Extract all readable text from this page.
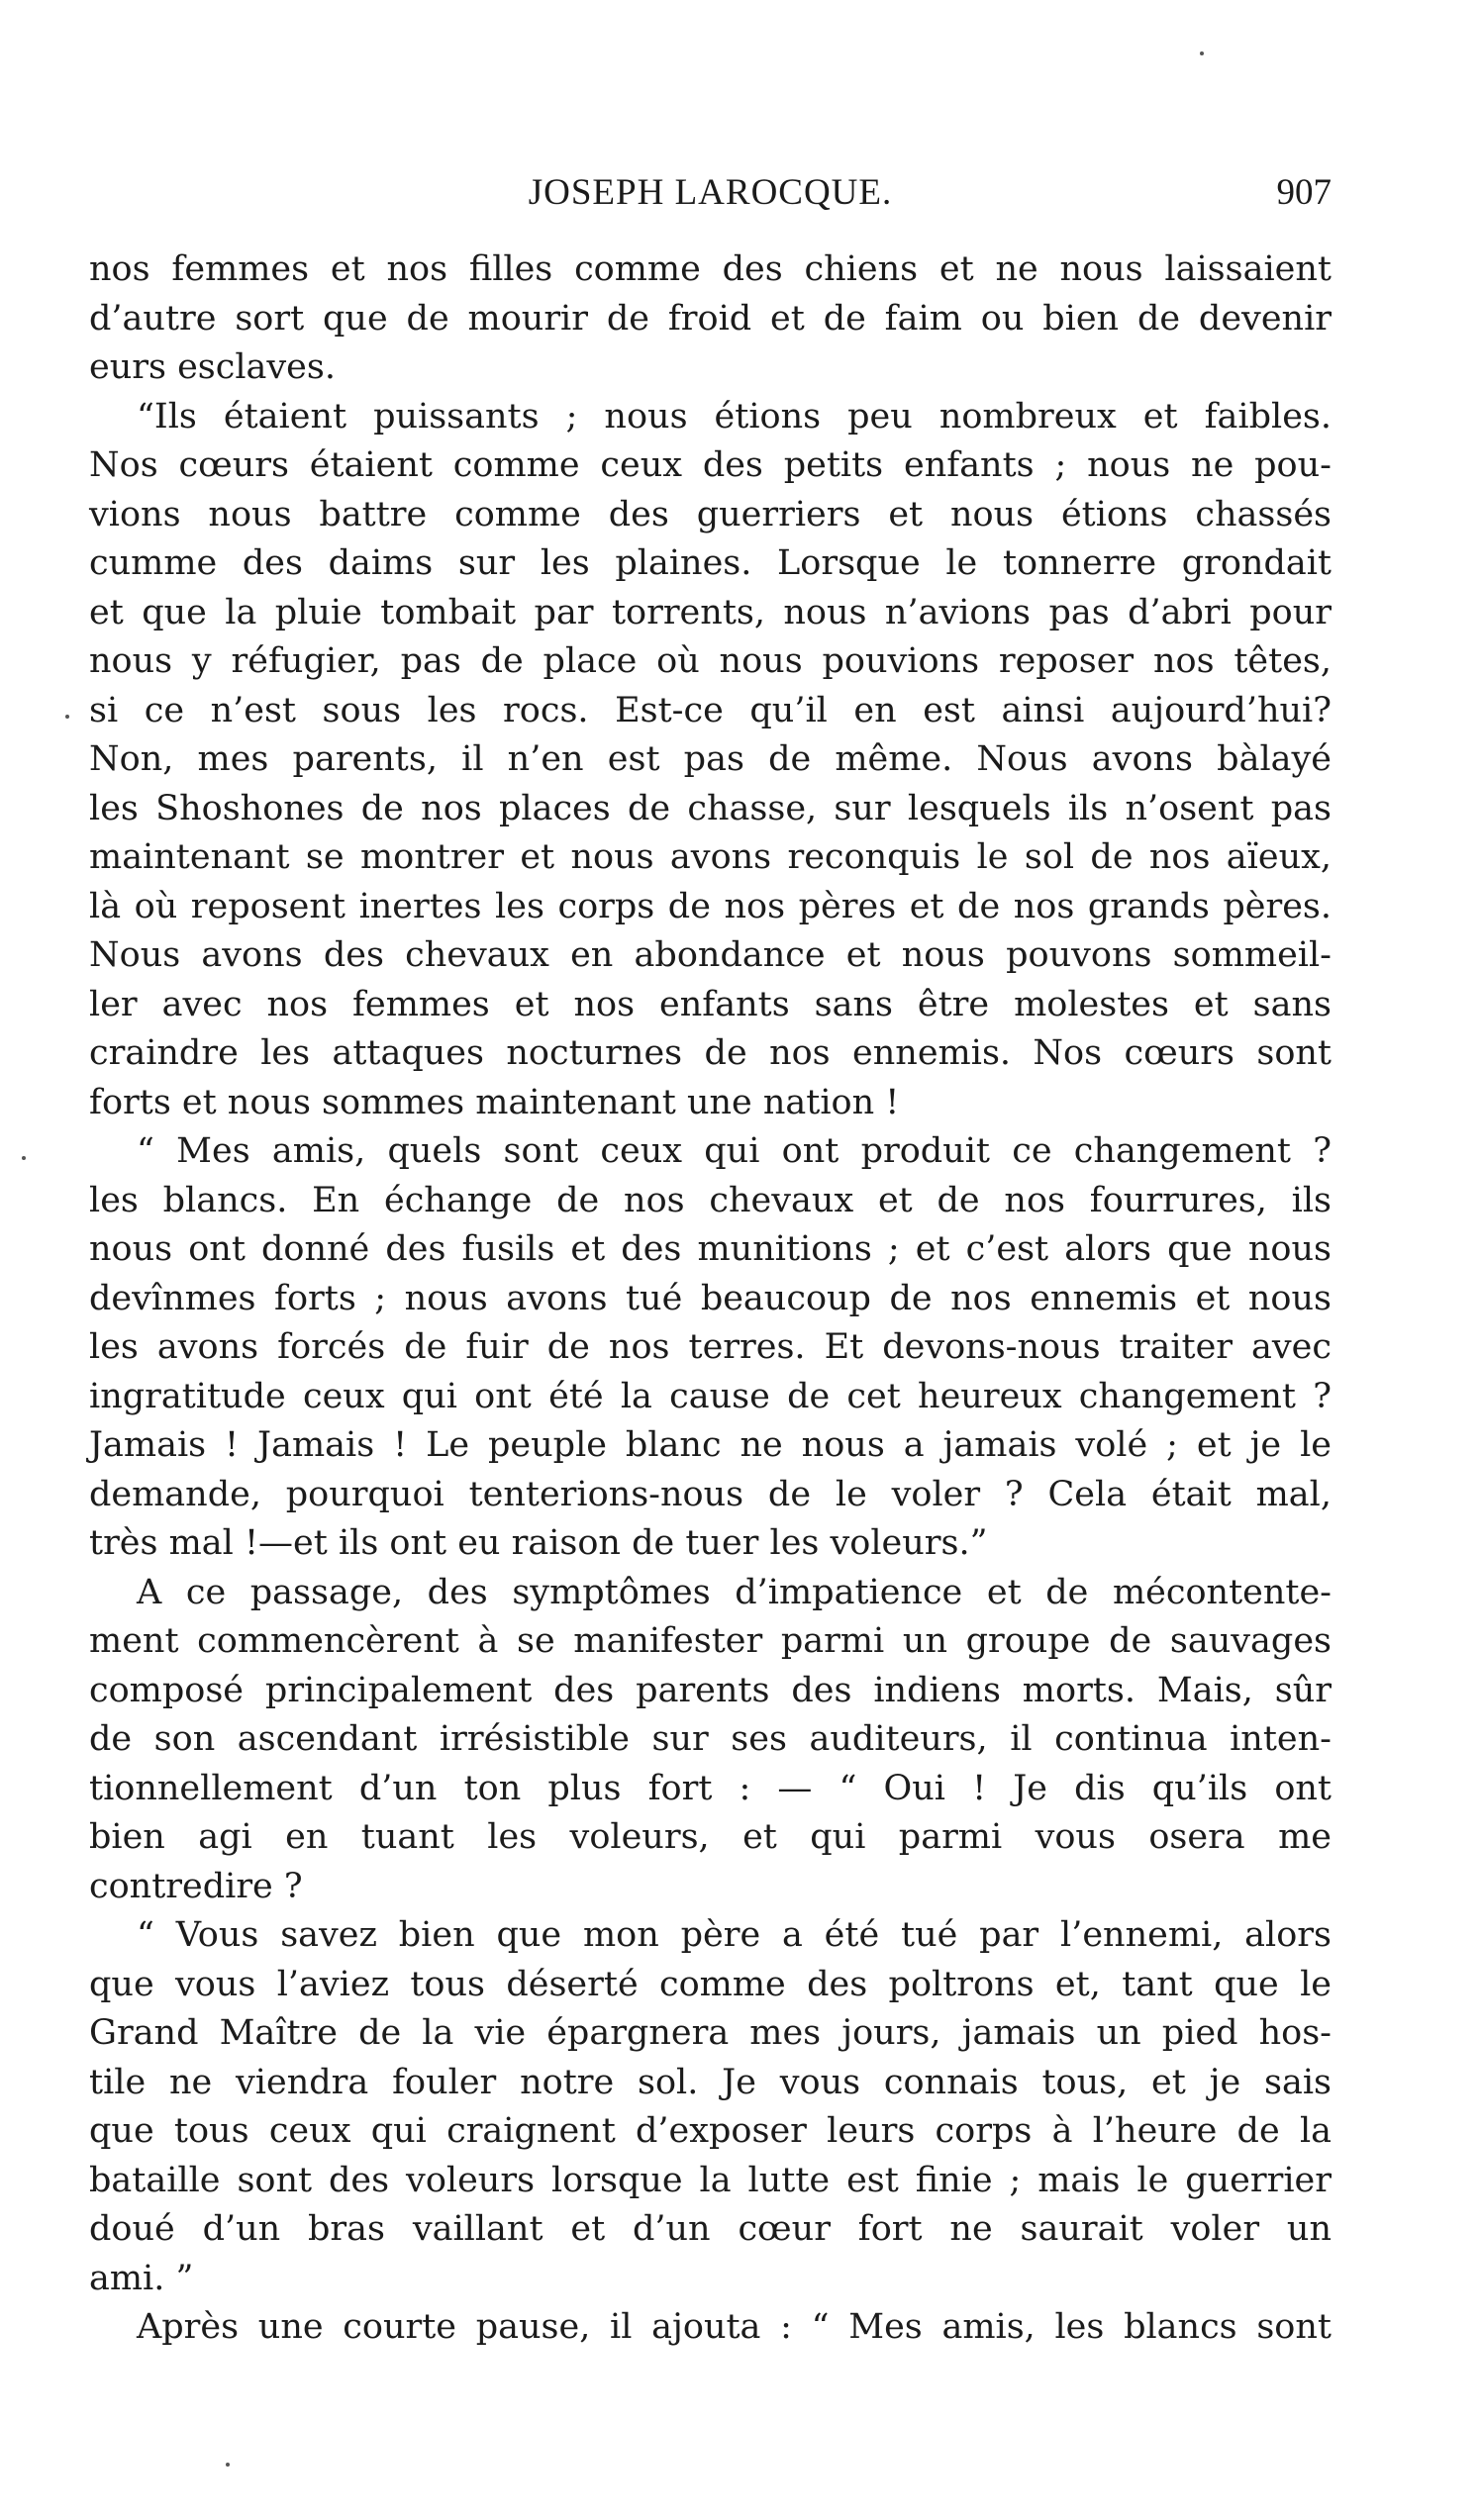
JOSEPH LAROCQUE.	907
nos femmes et nos filles comme des chiens et ne nous laissaient
d’autre sort que de mourir de froid et de faim ou bien de devenir
eurs esclaves.
“Ils étaient puissants ; nous étions peu nombreux et faibles.
Nos cœurs étaient comme ceux des petits enfants ; nous ne pou-
vions nous battre comme des guerriers et nous étions chassés
cumme des daims sur les plaines. Lorsque le tonnerre grondait
et que la pluie tombait par torrents, nous n’avions pas d’abri pour
nous y réfugier, pas de place où nous pouvions reposer nos têtes,
si ce n’est sous les rocs. Est-ce qu’il en est ainsi aujourd’hui?
Non, mes parents, il n’en est pas de même. Nous avons bàlayé
les Shoshones de nos places de chasse, sur lesquels ils n’osent pas
maintenant se montrer et nous avons reconquis le sol de nos aïeux,
là où reposent inertes les corps de nos pères et de nos grands pères.
Nous avons des chevaux en abondance et nous pouvons sommeil-
ler avec nos femmes et nos enfants sans être molestes et sans
craindre les attaques nocturnes de nos ennemis. Nos cœurs sont
forts et nous sommes maintenant une nation !
“ Mes amis, quels sont ceux qui ont produit ce changement ?
les blancs. En échange de nos chevaux et de nos fourrures, ils
nous ont donné des fusils et des munitions ; et c’est alors que nous
devînmes forts ; nous avons tué beaucoup de nos ennemis et nous
les avons forcés de fuir de nos terres. Et devons-nous traiter avec
ingratitude ceux qui ont été la cause de cet heureux changement ?
Jamais ! Jamais ! Le peuple blanc ne nous a jamais volé ; et je le
demande, pourquoi tenterions-nous de le voler ? Cela était mal,
très mal !—et ils ont eu raison de tuer les voleurs.”
A ce passage, des symptômes d’impatience et de mécontente-
ment commencèrent à se manifester parmi un groupe de sauvages
composé principalement des parents des indiens morts. Mais, sûr
de son ascendant irrésistible sur ses auditeurs, il continua inten-
tionnellement d’un ton plus fort : — “ Oui ! Je dis qu’ils ont
bien agi en tuant les voleurs, et qui parmi vous osera me
contredire ?
“ Vous savez bien que mon père a été tué par l’ennemi, alors
que vous l’aviez tous déserté comme des poltrons et, tant que le
Grand Maître de la vie épargnera mes jours, jamais un pied hos-
tile ne viendra fouler notre sol. Je vous connais tous, et je sais
que tous ceux qui craignent d’exposer leurs corps à l’heure de la
bataille sont des voleurs lorsque la lutte est finie ; mais le guerrier
doué d’un bras vaillant et d’un cœur fort ne saurait voler un
ami. ”
Après une courte pause, il ajouta : “ Mes amis, les blancs sont
